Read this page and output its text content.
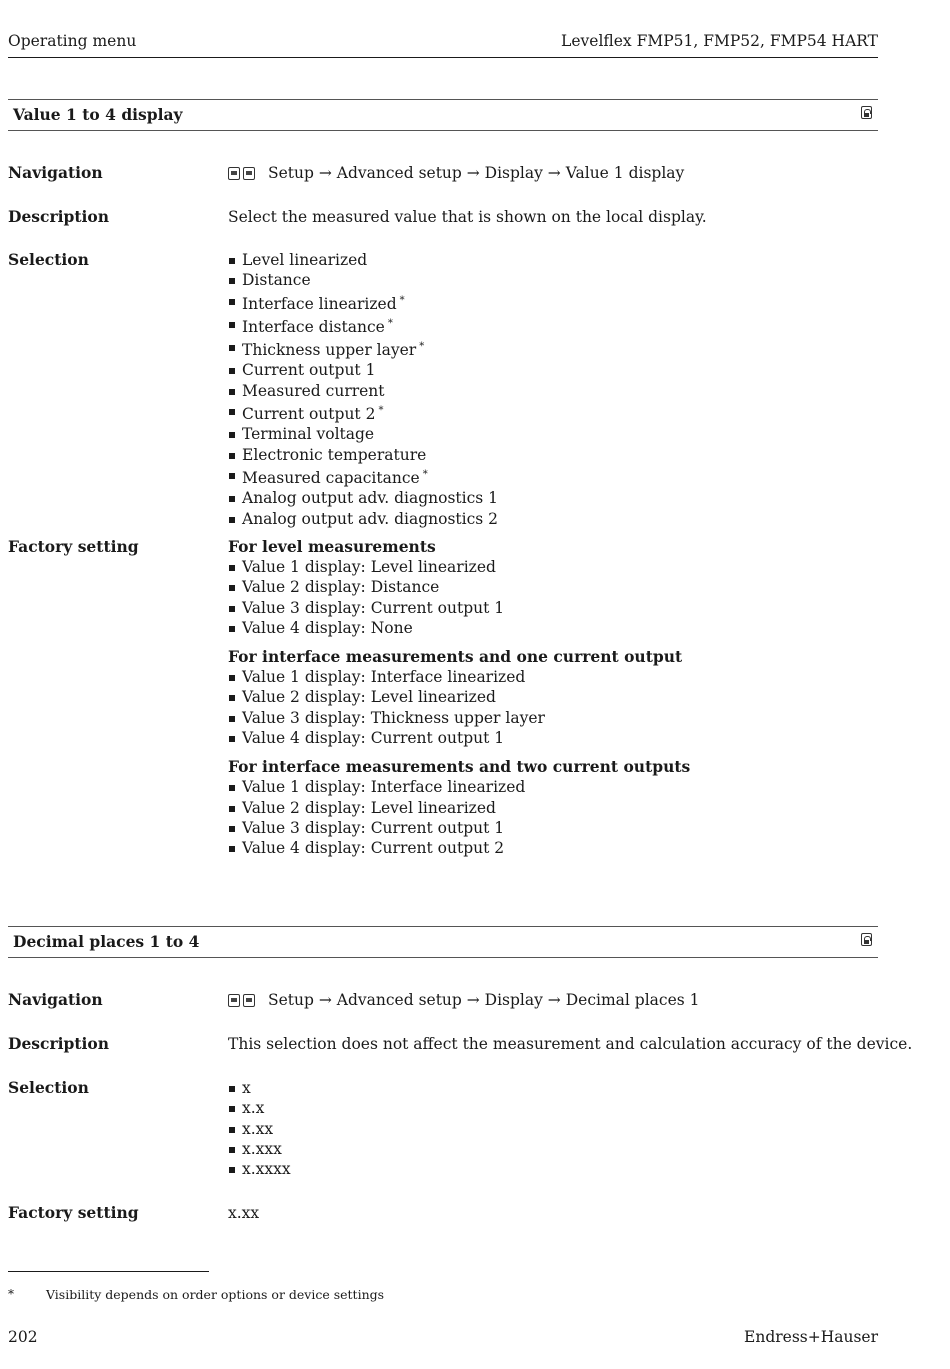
Operating menu	Levelflex FMP51, FMP52, FMP54 HART
Value 1 to 4 display
Navigation	Setup → Advanced setup → Display → Value 1 display
Description	Select the measured value that is shown on the local display.
Selection	Level linearized
Distance
Interface linearized *
Interface distance *
Thickness upper layer *
Current output 1
Measured current
Current output 2 *
Terminal voltage
Electronic temperature
Measured capacitance *
Analog output adv. diagnostics 1
Analog output adv. diagnostics 2
Factory setting	For level measurements
Value 1 display: Level linearized
Value 2 display: Distance
Value 3 display: Current output 1
Value 4 display: None
For interface measurements and one current output
Value 1 display: Interface linearized
Value 2 display: Level linearized
Value 3 display: Thickness upper layer
Value 4 display: Current output 1
For interface measurements and two current outputs
Value 1 display: Interface linearized
Value 2 display: Level linearized
Value 3 display: Current output 1
Value 4 display: Current output 2
Decimal places 1 to 4
Navigation	Setup → Advanced setup → Display → Decimal places 1
Description	This selection does not affect the measurement and calculation accuracy of the device.
Selection	x
x.x
x.xx
x.xxx
x.xxxx
Factory setting	x.xx
*	Visibility depends on order options or device settings
202	Endress+Hauser
